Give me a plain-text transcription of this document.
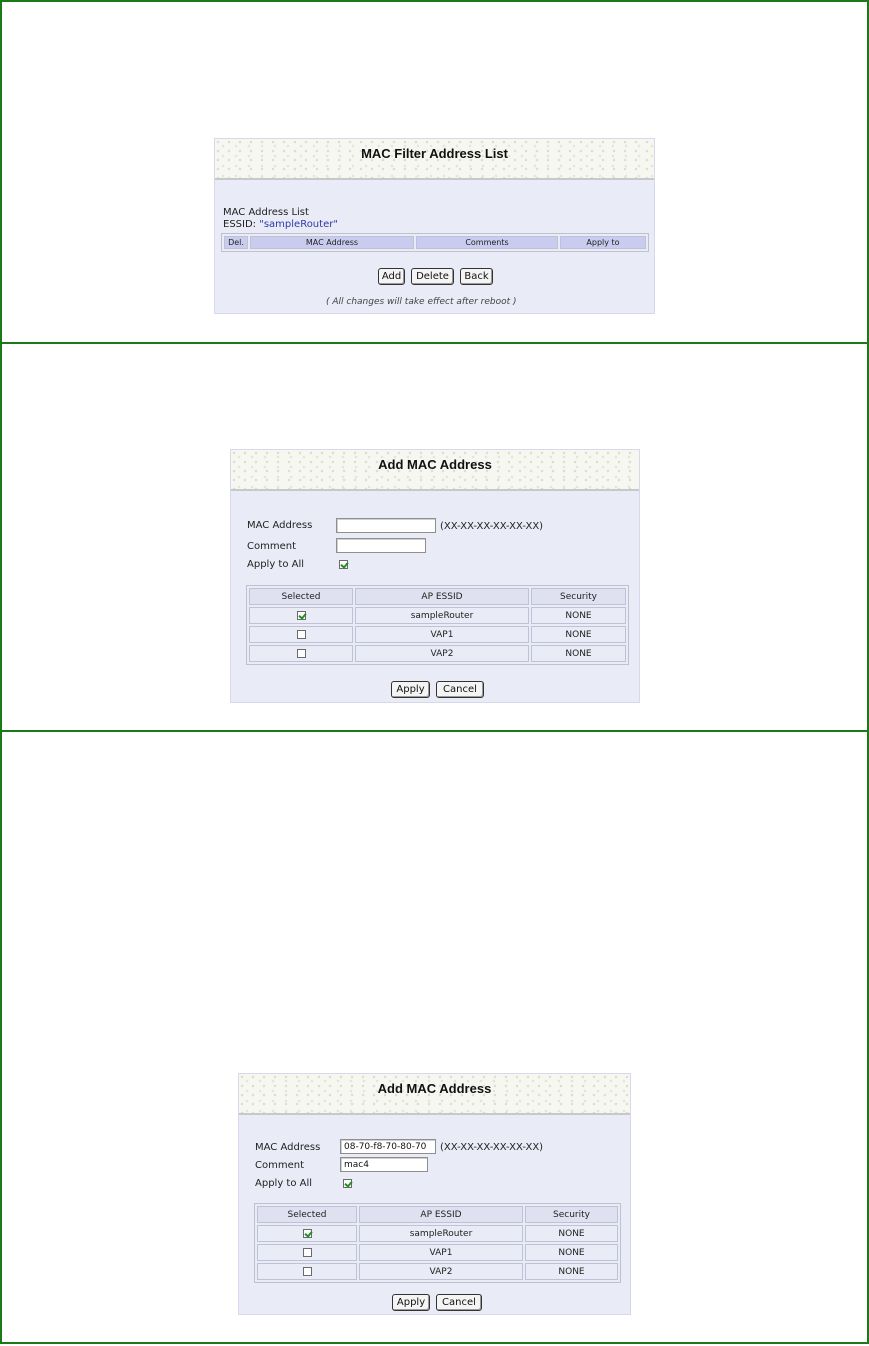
MAC Filter Address List
MAC Address List
ESSID: "sampleRouter"
Del.	MAC Address	Comments	Apply to
Add	Delete	Back
( All changes will take effect after reboot )
Add MAC Address
MAC Address	(XX-XX-XX-XX-XX-XX)
Comment
Apply to All
Selected	AP ESSID	Security
	sampleRouter	NONE
	VAP1	NONE
	VAP2	NONE
Apply	Cancel
Add MAC Address
MAC Address	08-70-f8-70-80-70	(XX-XX-XX-XX-XX-XX)
Comment	mac4
Apply to All
Selected	AP ESSID	Security
	sampleRouter	NONE
	VAP1	NONE
	VAP2	NONE
Apply	Cancel
